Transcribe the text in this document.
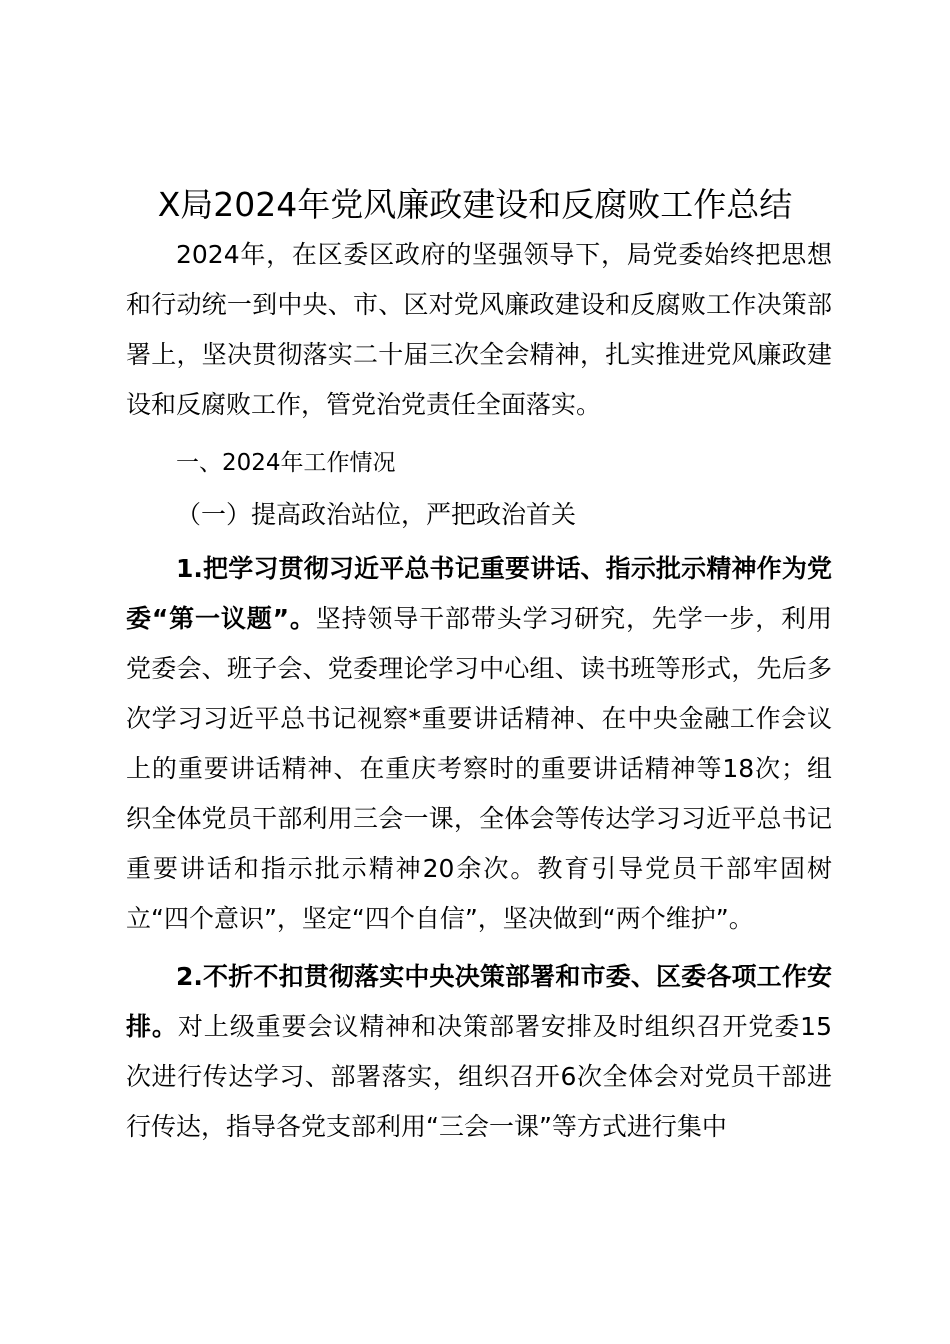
X局2024年党风廉政建设和反腐败工作总结

2024年，在区委区政府的坚强领导下，局党委始终把思想和行动统一到中央、市、区对党风廉政建设和反腐败工作决策部署上，坚决贯彻落实二十届三次全会精神，扎实推进党风廉政建设和反腐败工作，管党治党责任全面落实。

一、2024年工作情况

（一）提高政治站位，严把政治首关

1.把学习贯彻习近平总书记重要讲话、指示批示精神作为党委“第一议题”。坚持领导干部带头学习研究，先学一步，利用党委会、班子会、党委理论学习中心组、读书班等形式，先后多次学习习近平总书记视察*重要讲话精神、在中央金融工作会议上的重要讲话精神、在重庆考察时的重要讲话精神等18次；组织全体党员干部利用三会一课，全体会等传达学习习近平总书记重要讲话和指示批示精神20余次。教育引导党员干部牢固树立“四个意识”，坚定“四个自信”，坚决做到“两个维护”。

2.不折不扣贯彻落实中央决策部署和市委、区委各项工作安排。对上级重要会议精神和决策部署安排及时组织召开党委15次进行传达学习、部署落实，组织召开6次全体会对党员干部进行传达，指导各党支部利用“三会一课”等方式进行集中
